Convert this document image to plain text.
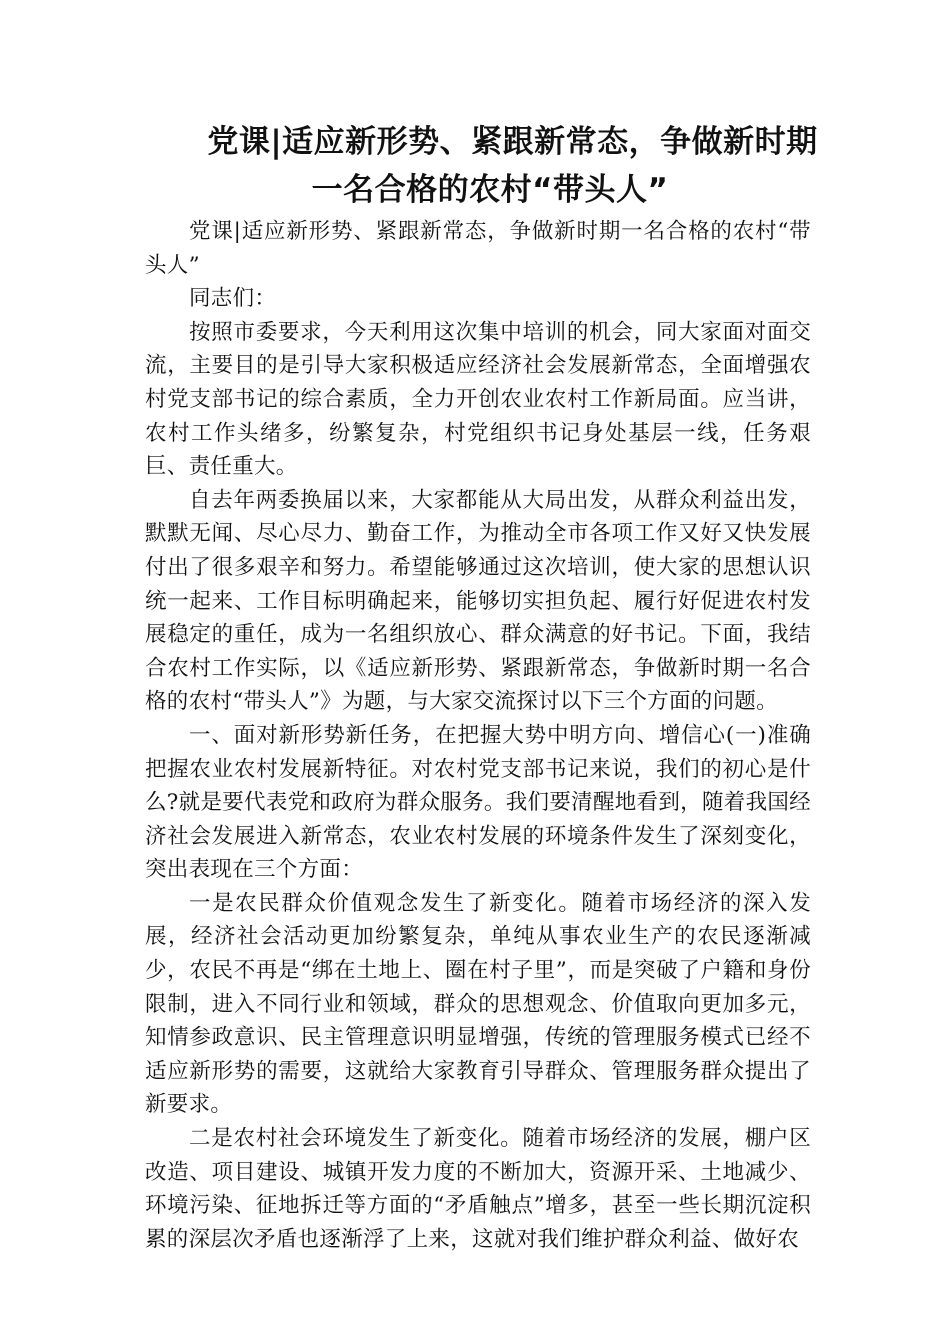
党课|适应新形势、紧跟新常态，争做新时期

一名合格的农村“带头人”

党课|适应新形势、紧跟新常态，争做新时期一名合格的农村“带头人”

同志们：

按照市委要求，今天利用这次集中培训的机会，同大家面对面交流，主要目的是引导大家积极适应经济社会发展新常态，全面增强农村党支部书记的综合素质，全力开创农业农村工作新局面。应当讲，农村工作头绪多，纷繁复杂，村党组织书记身处基层一线，任务艰巨、责任重大。

自去年两委换届以来，大家都能从大局出发，从群众利益出发，默默无闻、尽心尽力、勤奋工作，为推动全市各项工作又好又快发展付出了很多艰辛和努力。希望能够通过这次培训，使大家的思想认识统一起来、工作目标明确起来，能够切实担负起、履行好促进农村发展稳定的重任，成为一名组织放心、群众满意的好书记。下面，我结合农村工作实际，以《适应新形势、紧跟新常态，争做新时期一名合格的农村“带头人”》为题，与大家交流探讨以下三个方面的问题。

一、面对新形势新任务，在把握大势中明方向、增信心(一)准确把握农业农村发展新特征。对农村党支部书记来说，我们的初心是什么?就是要代表党和政府为群众服务。我们要清醒地看到，随着我国经济社会发展进入新常态，农业农村发展的环境条件发生了深刻变化，突出表现在三个方面：

一是农民群众价值观念发生了新变化。随着市场经济的深入发展，经济社会活动更加纷繁复杂，单纯从事农业生产的农民逐渐减少，农民不再是“绑在土地上、圈在村子里”，而是突破了户籍和身份限制，进入不同行业和领域，群众的思想观念、价值取向更加多元，知情参政意识、民主管理意识明显增强，传统的管理服务模式已经不适应新形势的需要，这就给大家教育引导群众、管理服务群众提出了新要求。

二是农村社会环境发生了新变化。随着市场经济的发展，棚户区改造、项目建设、城镇开发力度的不断加大，资源开采、土地减少、环境污染、征地拆迁等方面的“矛盾触点”增多，甚至一些长期沉淀积累的深层次矛盾也逐渐浮了上来，这就对我们维护群众利益、做好农
